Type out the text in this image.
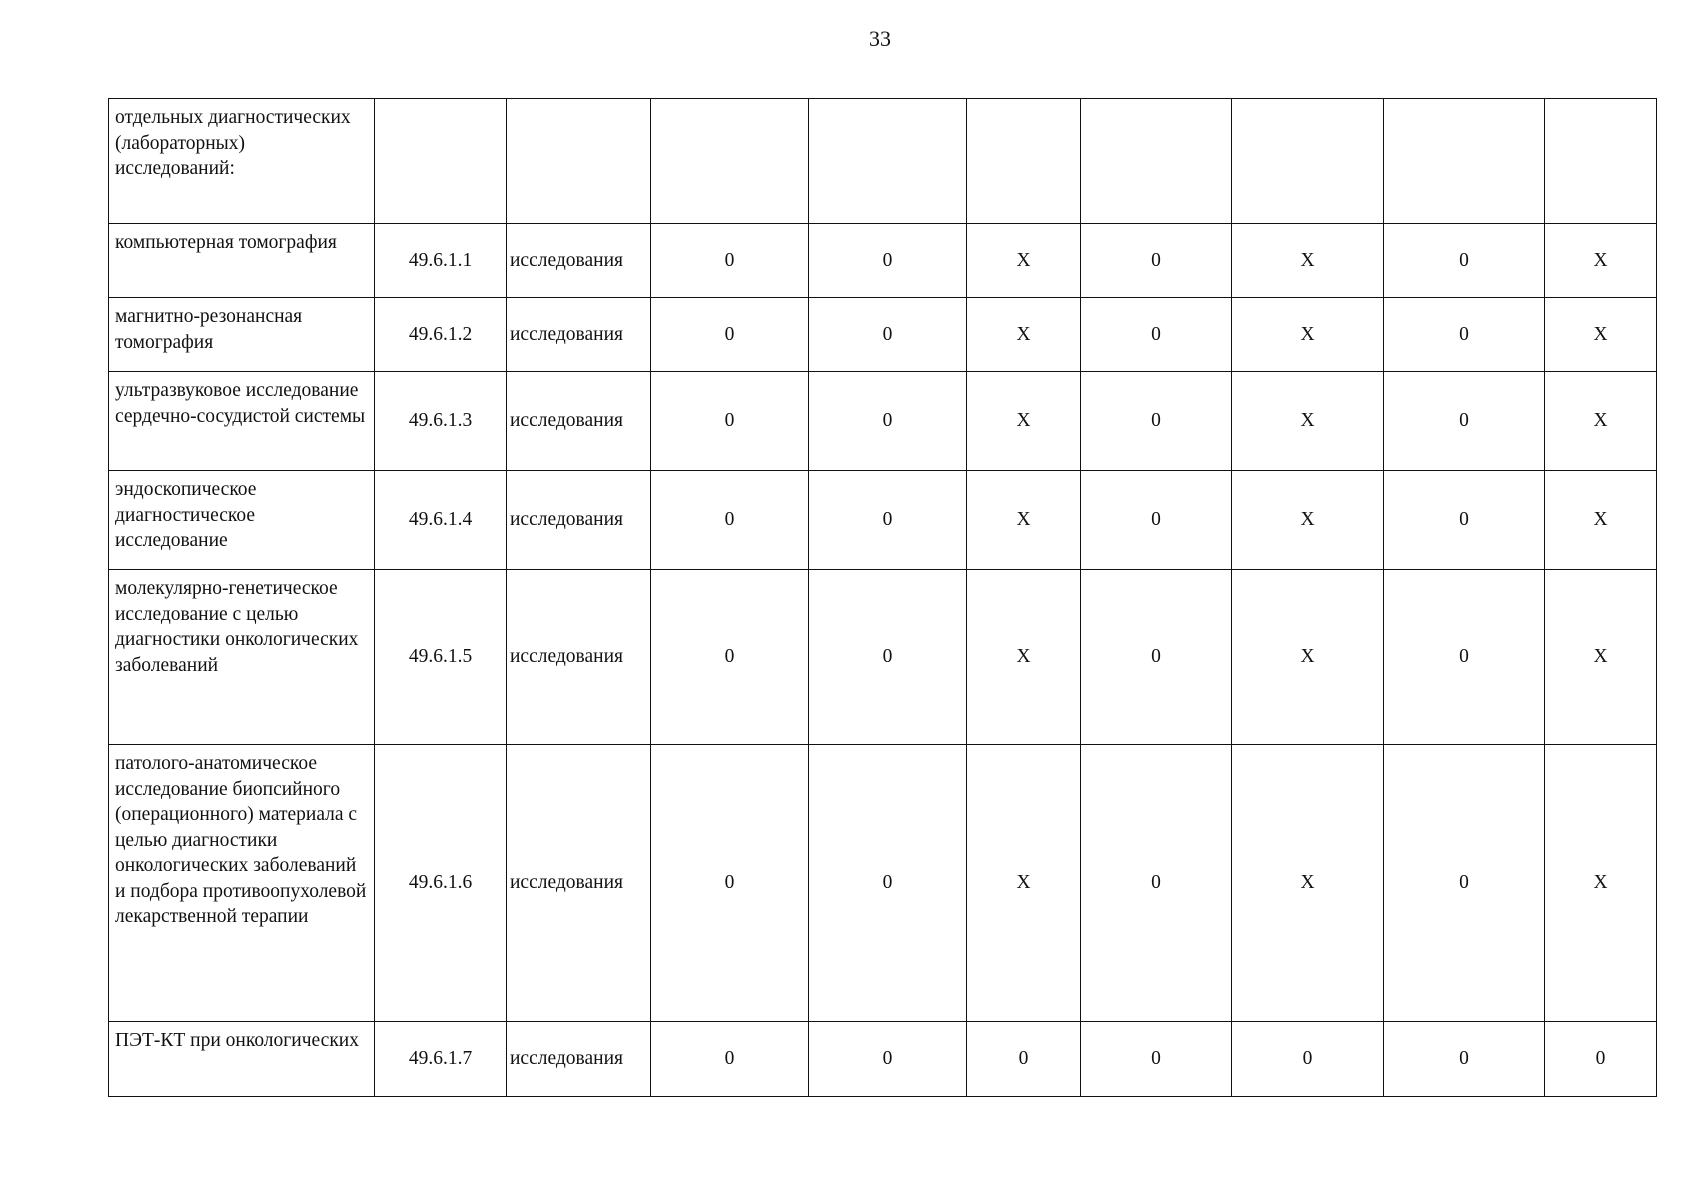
33
отдельных диагностических (лабораторных) исследований:									
компьютерная томография	49.6.1.1	исследования	0	0	X	0	X	0	X
магнитно-резонансная томография	49.6.1.2	исследования	0	0	X	0	X	0	X
ультразвуковое исследование сердечно-сосудистой системы	49.6.1.3	исследования	0	0	X	0	X	0	X
эндоскопическое диагностическое исследование	49.6.1.4	исследования	0	0	X	0	X	0	X
молекулярно-генетическое исследование с целью диагностики онкологических заболеваний	49.6.1.5	исследования	0	0	X	0	X	0	X
патолого-анатомическое исследование биопсийного (операционного) материала с целью диагностики онкологических заболеваний и подбора противоопухолевой лекарственной терапии	49.6.1.6	исследования	0	0	X	0	X	0	X
ПЭТ-КТ при онкологических	49.6.1.7	исследования	0	0	0	0	0	0	0
